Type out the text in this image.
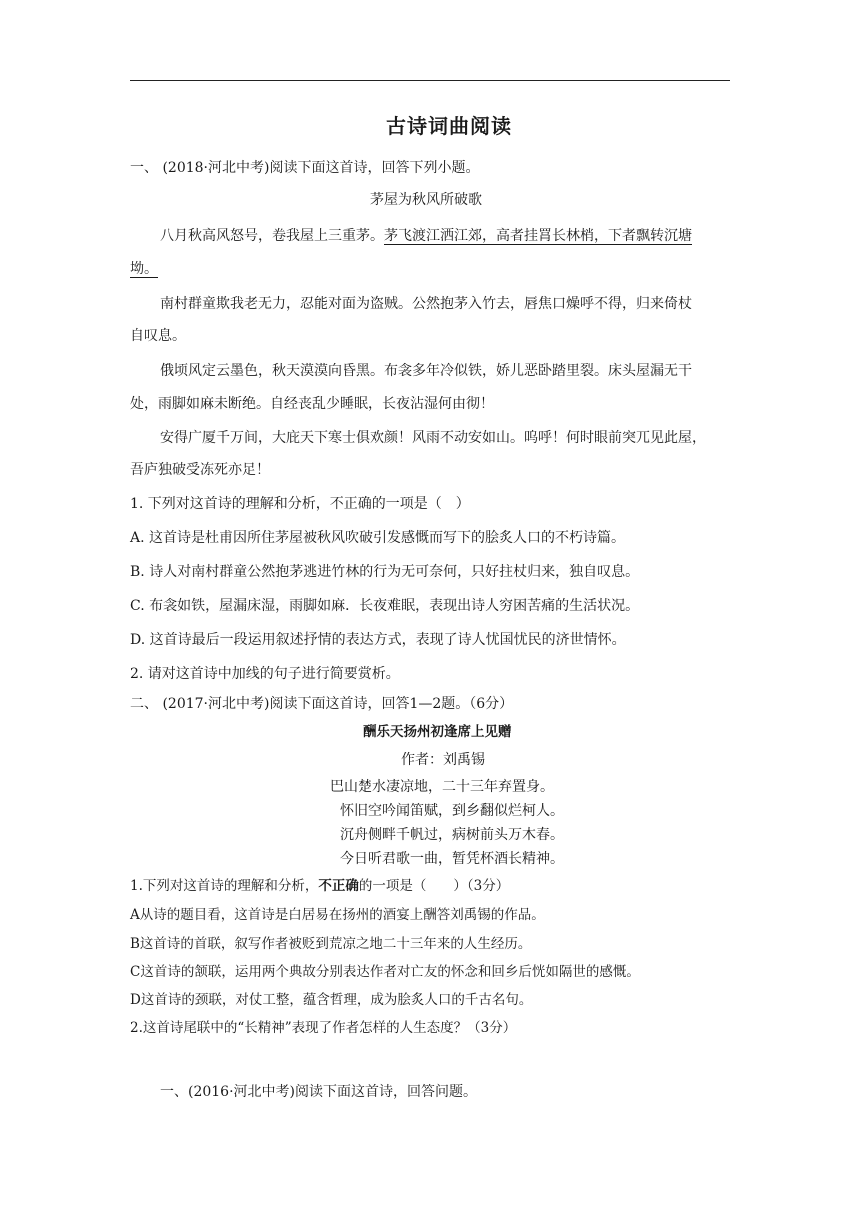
古诗词曲阅读
一、 (2018·河北中考)阅读下面这首诗，回答下列小题。
茅屋为秋风所破歌
八月秋高风怒号，卷我屋上三重茅。茅飞渡江洒江郊，高者挂罥长林梢，下者飘转沉塘
坳。
南村群童欺我老无力，忍能对面为盗贼。公然抱茅入竹去，唇焦口燥呼不得，归来倚杖
自叹息。
俄顷风定云墨色，秋天漠漠向昏黑。布衾多年冷似铁，娇儿恶卧踏里裂。床头屋漏无干
处，雨脚如麻未断绝。自经丧乱少睡眠，长夜沾湿何由彻！
安得广厦千万间，大庇天下寒士俱欢颜！风雨不动安如山。呜呼！何时眼前突兀见此屋，
吾庐独破受冻死亦足！
1. 下列对这首诗的理解和分析，不正确的一项是（　）
A. 这首诗是杜甫因所住茅屋被秋风吹破引发感慨而写下的脍炙人口的不朽诗篇。
B. 诗人对南村群童公然抱茅逃进竹林的行为无可奈何，只好拄杖归来，独自叹息。
C. 布衾如铁，屋漏床湿，雨脚如麻．长夜难眠，表现出诗人穷困苦痛的生活状况。
D. 这首诗最后一段运用叙述抒情的表达方式，表现了诗人忧国忧民的济世情怀。
2. 请对这首诗中加线的句子进行简要赏析。
二、 (2017·河北中考)阅读下面这首诗，回答1—2题。（6分）
酬乐天扬州初逢席上见赠
作者：刘禹锡
巴山楚水凄凉地，二十三年弃置身。
怀旧空吟闻笛赋，到乡翻似烂柯人。
沉舟侧畔千帆过，病树前头万木春。
今日听君歌一曲，暂凭杯酒长精神。
1.下列对这首诗的理解和分析，不正确的一项是（　　）（3分）
A从诗的题目看，这首诗是白居易在扬州的酒宴上酬答刘禹锡的作品。
B这首诗的首联，叙写作者被贬到荒凉之地二十三年来的人生经历。
C这首诗的颔联，运用两个典故分别表达作者对亡友的怀念和回乡后恍如隔世的感慨。
D这首诗的颈联，对仗工整，蕴含哲理，成为脍炙人口的千古名句。
2.这首诗尾联中的“长精神”表现了作者怎样的人生态度？（3分）
一、(2016·河北中考)阅读下面这首诗，回答问题。
